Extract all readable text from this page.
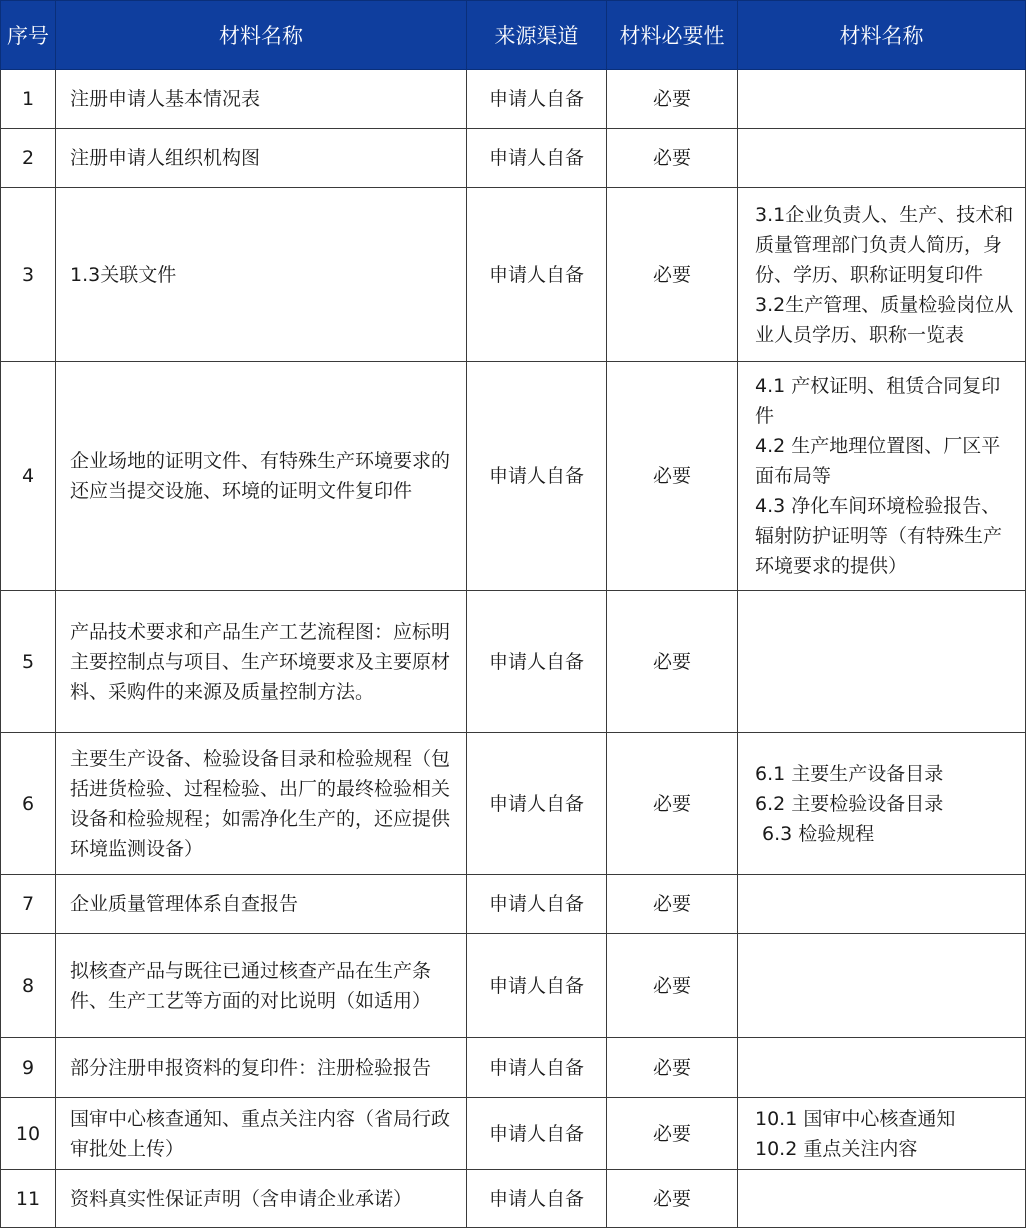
序号	材料名称	来源渠道	材料必要性	材料名称
1	注册申请人基本情况表	申请人自备	必要	
2	注册申请人组织机构图	申请人自备	必要	
3	1.3关联文件	申请人自备	必要	3.1企业负责人、生产、技术和质量管理部门负责人简历，身份、学历、职称证明复印件
3.2生产管理、质量检验岗位从业人员学历、职称一览表

4	企业场地的证明文件、有特殊生产环境要求的还应当提交设施、环境的证明文件复印件	申请人自备	必要	4.1 产权证明、租赁合同复印件
4.2 生产地理位置图、厂区平面布局等
4.3 净化车间环境检验报告、辐射防护证明等（有特殊生产环境要求的提供）

5	产品技术要求和产品生产工艺流程图：应标明主要控制点与项目、生产环境要求及主要原材料、采购件的来源及质量控制方法。	申请人自备	必要	
6	主要生产设备、检验设备目录和检验规程（包括进货检验、过程检验、出厂的最终检验相关设备和检验规程；如需净化生产的，还应提供环境监测设备）	申请人自备	必要	6.1 主要生产设备目录
6.2 主要检验设备目录
6.3 检验规程

7	企业质量管理体系自查报告	申请人自备	必要	
8	拟核查产品与既往已通过核查产品在生产条件、生产工艺等方面的对比说明（如适用）	申请人自备	必要	
9	部分注册申报资料的复印件：注册检验报告	申请人自备	必要	
10	国审中心核查通知、重点关注内容（省局行政审批处上传）	申请人自备	必要	10.1 国审中心核查通知
10.2 重点关注内容

11	资料真实性保证声明（含申请企业承诺）	申请人自备	必要	
